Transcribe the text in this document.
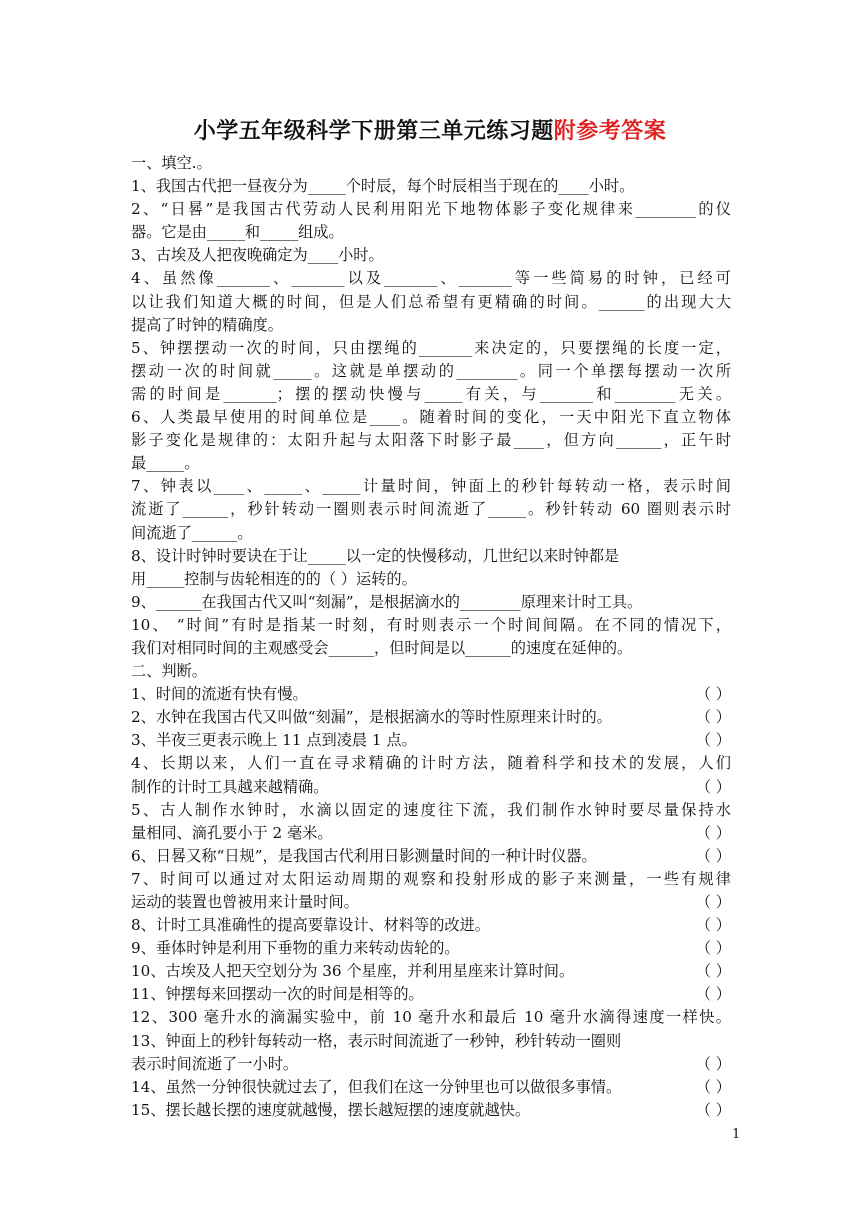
小学五年级科学下册第三单元练习题附参考答案
一、填空.。
1、我国古代把一昼夜分为_____个时辰，每个时辰相当于现在的____小时。
2、“日晷”是我国古代劳动人民利用阳光下地物体影子变化规律来________的仪
器。它是由_____和_____组成。
3、古埃及人把夜晚确定为____小时。
4、虽然像_______、_______以及_______、_______等一些简易的时钟，已经可
以让我们知道大概的时间，但是人们总希望有更精确的时间。______的出现大大
提高了时钟的精确度。
5、钟摆摆动一次的时间，只由摆绳的_______来决定的，只要摆绳的长度一定，
摆动一次的时间就_____。这就是单摆动的________。同一个单摆每摆动一次所
需的时间是_______；摆的摆动快慢与_____有关，与_______和________无关。
6、人类最早使用的时间单位是____。随着时间的变化，一天中阳光下直立物体
影子变化是规律的：太阳升起与太阳落下时影子最____，但方向______，正午时
最_____。
7、钟表以____、_____、_____计量时间，钟面上的秒针每转动一格，表示时间
流逝了______，秒针转动一圈则表示时间流逝了_____。秒针转动 60 圈则表示时
间流逝了______。
8、设计时钟时要诀在于让_____以一定的快慢移动，几世纪以来时钟都是
用_____控制与齿轮相连的的（ ）运转的。
9、______在我国古代又叫“刻漏”，是根据滴水的________原理来计时工具。
10、 “时间”有时是指某一时刻，有时则表示一个时间间隔。在不同的情况下，
我们对相同时间的主观感受会______，但时间是以______的速度在延伸的。
二、判断。
1、时间的流逝有快有慢。	（ ）
2、水钟在我国古代又叫做“刻漏”，是根据滴水的等时性原理来计时的。	（ ）
3、半夜三更表示晚上 11 点到凌晨 1 点。	（ ）
4、长期以来，人们一直在寻求精确的计时方法，随着科学和技术的发展，人们
制作的计时工具越来越精确。	（ ）
5、古人制作水钟时，水滴以固定的速度往下流，我们制作水钟时要尽量保持水
量相同、滴孔要小于 2 毫米。	（ ）
6、日晷又称“日规”，是我国古代利用日影测量时间的一种计时仪器。	（ ）
7、时间可以通过对太阳运动周期的观察和投射形成的影子来测量，一些有规律
运动的装置也曾被用来计量时间。	（ ）
8、计时工具准确性的提高要靠设计、材料等的改进。	（ ）
9、垂体时钟是利用下垂物的重力来转动齿轮的。	（ ）
10、古埃及人把天空划分为 36 个星座，并利用星座来计算时间。	（ ）
11、钟摆每来回摆动一次的时间是相等的。	（ ）
12、300 毫升水的滴漏实验中，前 10 毫升水和最后 10 毫升水滴得速度一样快。
13、钟面上的秒针每转动一格，表示时间流逝了一秒钟，秒针转动一圈则
表示时间流逝了一小时。	（ ）
14、虽然一分钟很快就过去了，但我们在这一分钟里也可以做很多事情。	（ ）
15、摆长越长摆的速度就越慢，摆长越短摆的速度就越快。	（ ）
1
